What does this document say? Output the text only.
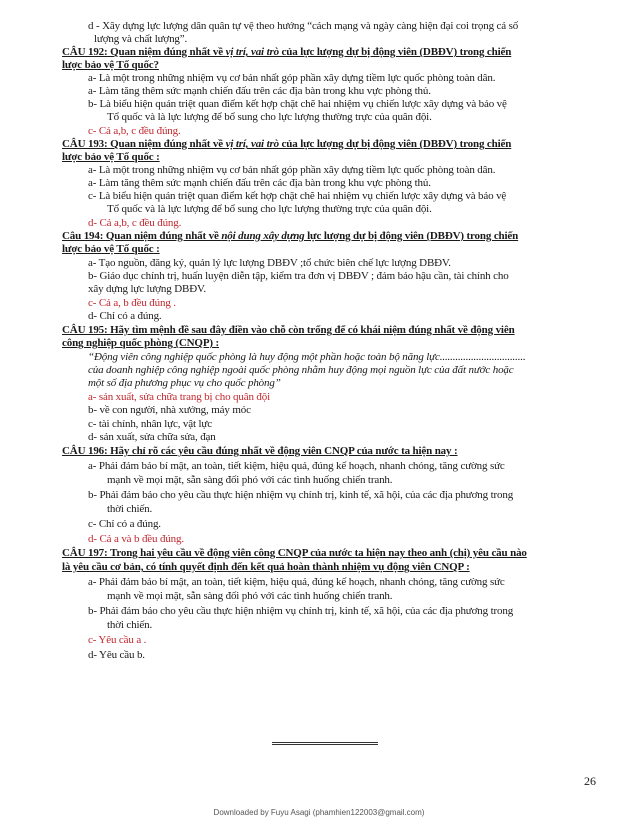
d - Xây dựng lực lượng dân quân tự vệ theo hướng “cách mạng và ngày càng hiện đại coi trọng cả số
lượng và chất lượng”.
CÂU 192: Quan niệm đúng nhất về vị trí, vai trò của lực lượng dự bị động viên (DBĐV) trong chiến
lược bảo vệ Tổ quốc?
a- Là một trong những nhiệm vụ cơ bản nhất góp phần xây dựng tiềm lực quốc phòng toàn dân.
a- Làm tăng thêm sức mạnh chiến đấu trên các địa bàn trong khu vực phòng thủ.
b- Là biểu hiện quán triệt quan điểm kết hợp chặt chẽ hai nhiệm vụ chiến lược xây dựng và bảo vệ
Tổ quốc và là lực lượng để bổ sung cho lực lượng thường trực của quân đội.
c- Cả a,b, c đều đúng.
CÂU 193: Quan niệm đúng nhất về vị trí, vai trò của lực lượng dự bị động viên (DBĐV) trong chiến
lược bảo vệ Tổ quốc :
a- Là một trong những nhiệm vụ cơ bản nhất góp phần xây dựng tiềm lực quốc phòng toàn dân.
a- Làm tăng thêm sức mạnh chiến đấu trên các địa bàn trong khu vực phòng thủ.
c- Là biểu hiện quán triệt quan điểm kết hợp chặt chẽ hai nhiệm vụ chiến lược xây dựng và bảo vệ
Tổ quốc và là lực lượng để bổ sung cho lực lượng thường trực của quân đội.
d- Cả a,b, c đều đúng.
Câu 194: Quan niệm đúng nhất về nội dung xây dựng lực lượng dự bị động viên (DBĐV) trong chiến
lược bảo vệ Tổ quốc :
a- Tạo nguồn, đăng ký, quản lý lực lượng DBĐV ;tổ chức biên chế lực lượng DBĐV.
b- Giáo dục chính trị, huấn luyện diễn tập, kiểm tra đơn vị DBĐV ; đảm bảo hậu cần, tài chính cho
xây dựng lực lượng DBĐV.
c- Cả a, b đều đúng .
d- Chỉ có a đúng.
CÂU 195: Hãy tìm mệnh đề sau đây điền vào chỗ còn trống để có khái niệm đúng nhất về động viên
công nghiệp quốc phòng (CNQP) :
“Động viên công nghiệp quốc phòng là huy động một phần hoặc toàn bộ năng lực.................................
của doanh nghiệp công nghiệp ngoài quốc phòng nhằm huy động mọi nguồn lực của đất nước hoặc
một số địa phương phục vụ cho quốc phòng”
a- sản xuất, sửa chữa trang bị cho quân đội
b- về con người, nhà xưởng, máy móc
c- tài chính, nhân lực, vật lực
d- sản xuất, sửa chữa sửa, đạn
CÂU 196: Hãy chỉ rõ các yêu cầu đúng nhất về động viên CNQP của nước ta hiện nay :
a- Phải đảm bảo bí mật, an toàn, tiết kiệm, hiệu quả, đúng kế hoạch, nhanh chóng, tăng cường sức
mạnh về mọi mặt, sẵn sàng đối phó với các tình huống chiến tranh.
b- Phải đảm bảo cho yêu cầu thực hiện nhiệm vụ chính trị, kinh tế, xã hội, của các địa phương trong
thời chiến.
c- Chỉ có a đúng.
d- Cả a và b đều đúng.
CÂU 197: Trong hai yêu cầu về động viên công CNQP của nước ta hiện nay theo anh (chị) yêu cầu nào
là yêu cầu cơ bản, có tính quyết định đến kết quả hoàn thành nhiệm vụ động viên CNQP :
a- Phải đảm bảo bí mật, an toàn, tiết kiệm, hiệu quả, đúng kế hoạch, nhanh chóng, tăng cường sức
mạnh về mọi mặt, sẵn sàng đối phó với các tình huống chiến tranh.
b- Phải đảm bảo cho yêu cầu thực hiện nhiệm vụ chính trị, kinh tế, xã hội, của các địa phương trong
thời chiến.
c- Yêu cầu a .
d- Yêu cầu b.
26
Downloaded by Fuyu Asagi (phamhien122003@gmail.com)
